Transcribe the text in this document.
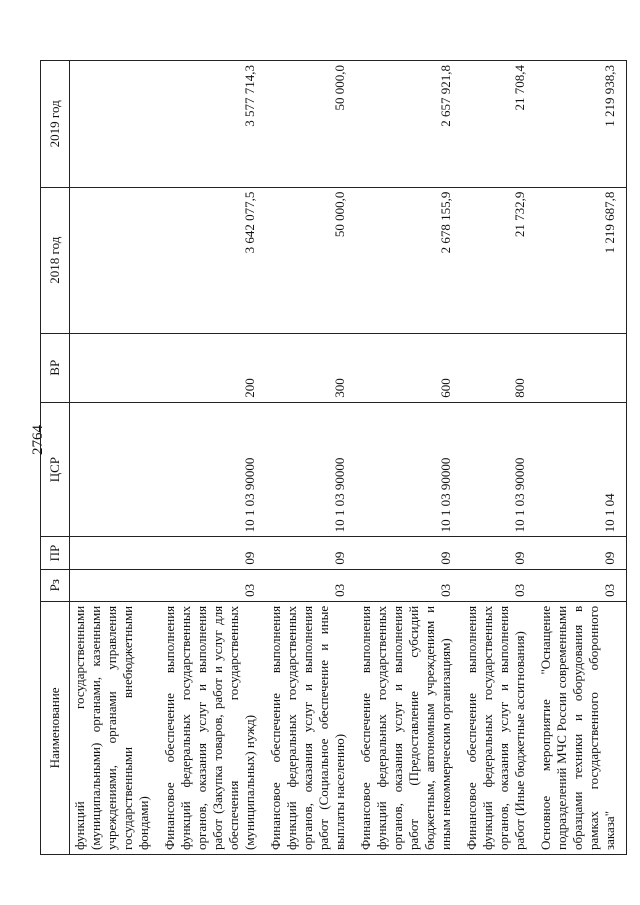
2764
Наименование	Рз	ПР	ЦСР	ВР	2018 год	2019 год
функций государственными (муниципальными) органами, казенными учреждениями, органами управления государственными внебюджетными фондами)						
Финансовое обеспечение выполнения функций федеральных государственных органов, оказания услуг и выполнения работ (Закупка товаров, работ и услуг для обеспечения государственных (муниципальных) нужд)	03	09	10 1 03 90000	200	3 642 077,5	3 577 714,3
Финансовое обеспечение выполнения функций федеральных государственных органов, оказания услуг и выполнения работ (Социальное обеспечение и иные выплаты населению)	03	09	10 1 03 90000	300	50 000,0	50 000,0
Финансовое обеспечение выполнения функций федеральных государственных органов, оказания услуг и выполнения работ (Предоставление субсидий бюджетным, автономным учреждениям и иным некоммерческим организациям)	03	09	10 1 03 90000	600	2 678 155,9	2 657 921,8
Финансовое обеспечение выполнения функций федеральных государственных органов, оказания услуг и выполнения работ (Иные бюджетные ассигнования)	03	09	10 1 03 90000	800	21 732,9	21 708,4
Основное мероприятие "Оснащение подразделений МЧС России современными образцами техники и оборудования в рамках государственного оборонного заказа"	03	09	10 1 04		1 219 687,8	1 219 938,3
